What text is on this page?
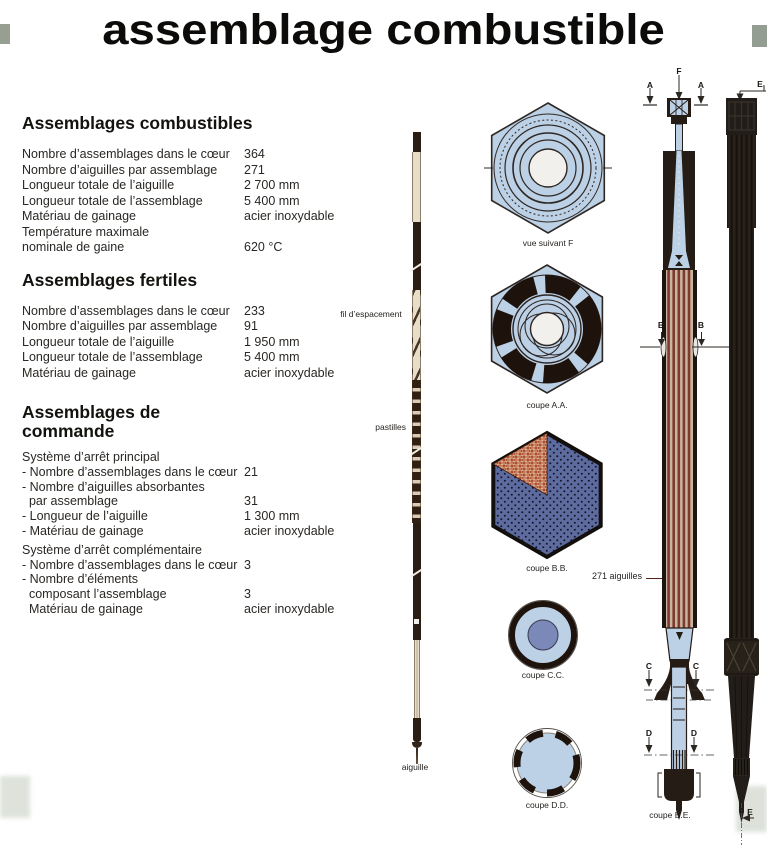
assemblage combustible
Assemblages combustibles
Nombre d’assemblages dans le cœur	364
Nombre d’aiguilles par assemblage	271
Longueur totale de l’aiguille	2 700 mm
Longueur totale de l’assemblage	5 400 mm
Matériau de gainage	acier inoxydable
Température maximale
nominale de gaine	620 °C
Assemblages fertiles
Nombre d’assemblages dans le cœur	233
Nombre d’aiguilles par assemblage	91
Longueur totale de l’aiguille	1 950 mm
Longueur totale de l’assemblage	5 400 mm
Matériau de gainage	acier inoxydable
Assemblages de commande
Système d’arrêt principal
- Nombre d’assemblages dans le cœur 21
- Nombre d’aiguilles absorbantes
par assemblage	31
- Longueur de l’aiguille	1 300 mm
- Matériau de gainage	acier inoxydable
Système d’arrêt complémentaire
- Nombre d’assemblages dans le cœur 3
- Nombre d’éléments
composant l’assemblage	3
Matériau de gainage	acier inoxydable
fil d’espacement
pastilles
aiguille
vue suivant F
coupe A.A.
coupe B.B.
coupe C.C.
coupe D.D.
271 aiguilles
F
A	A
B	B
C	C
D	D
E
E
coupe E.E.
